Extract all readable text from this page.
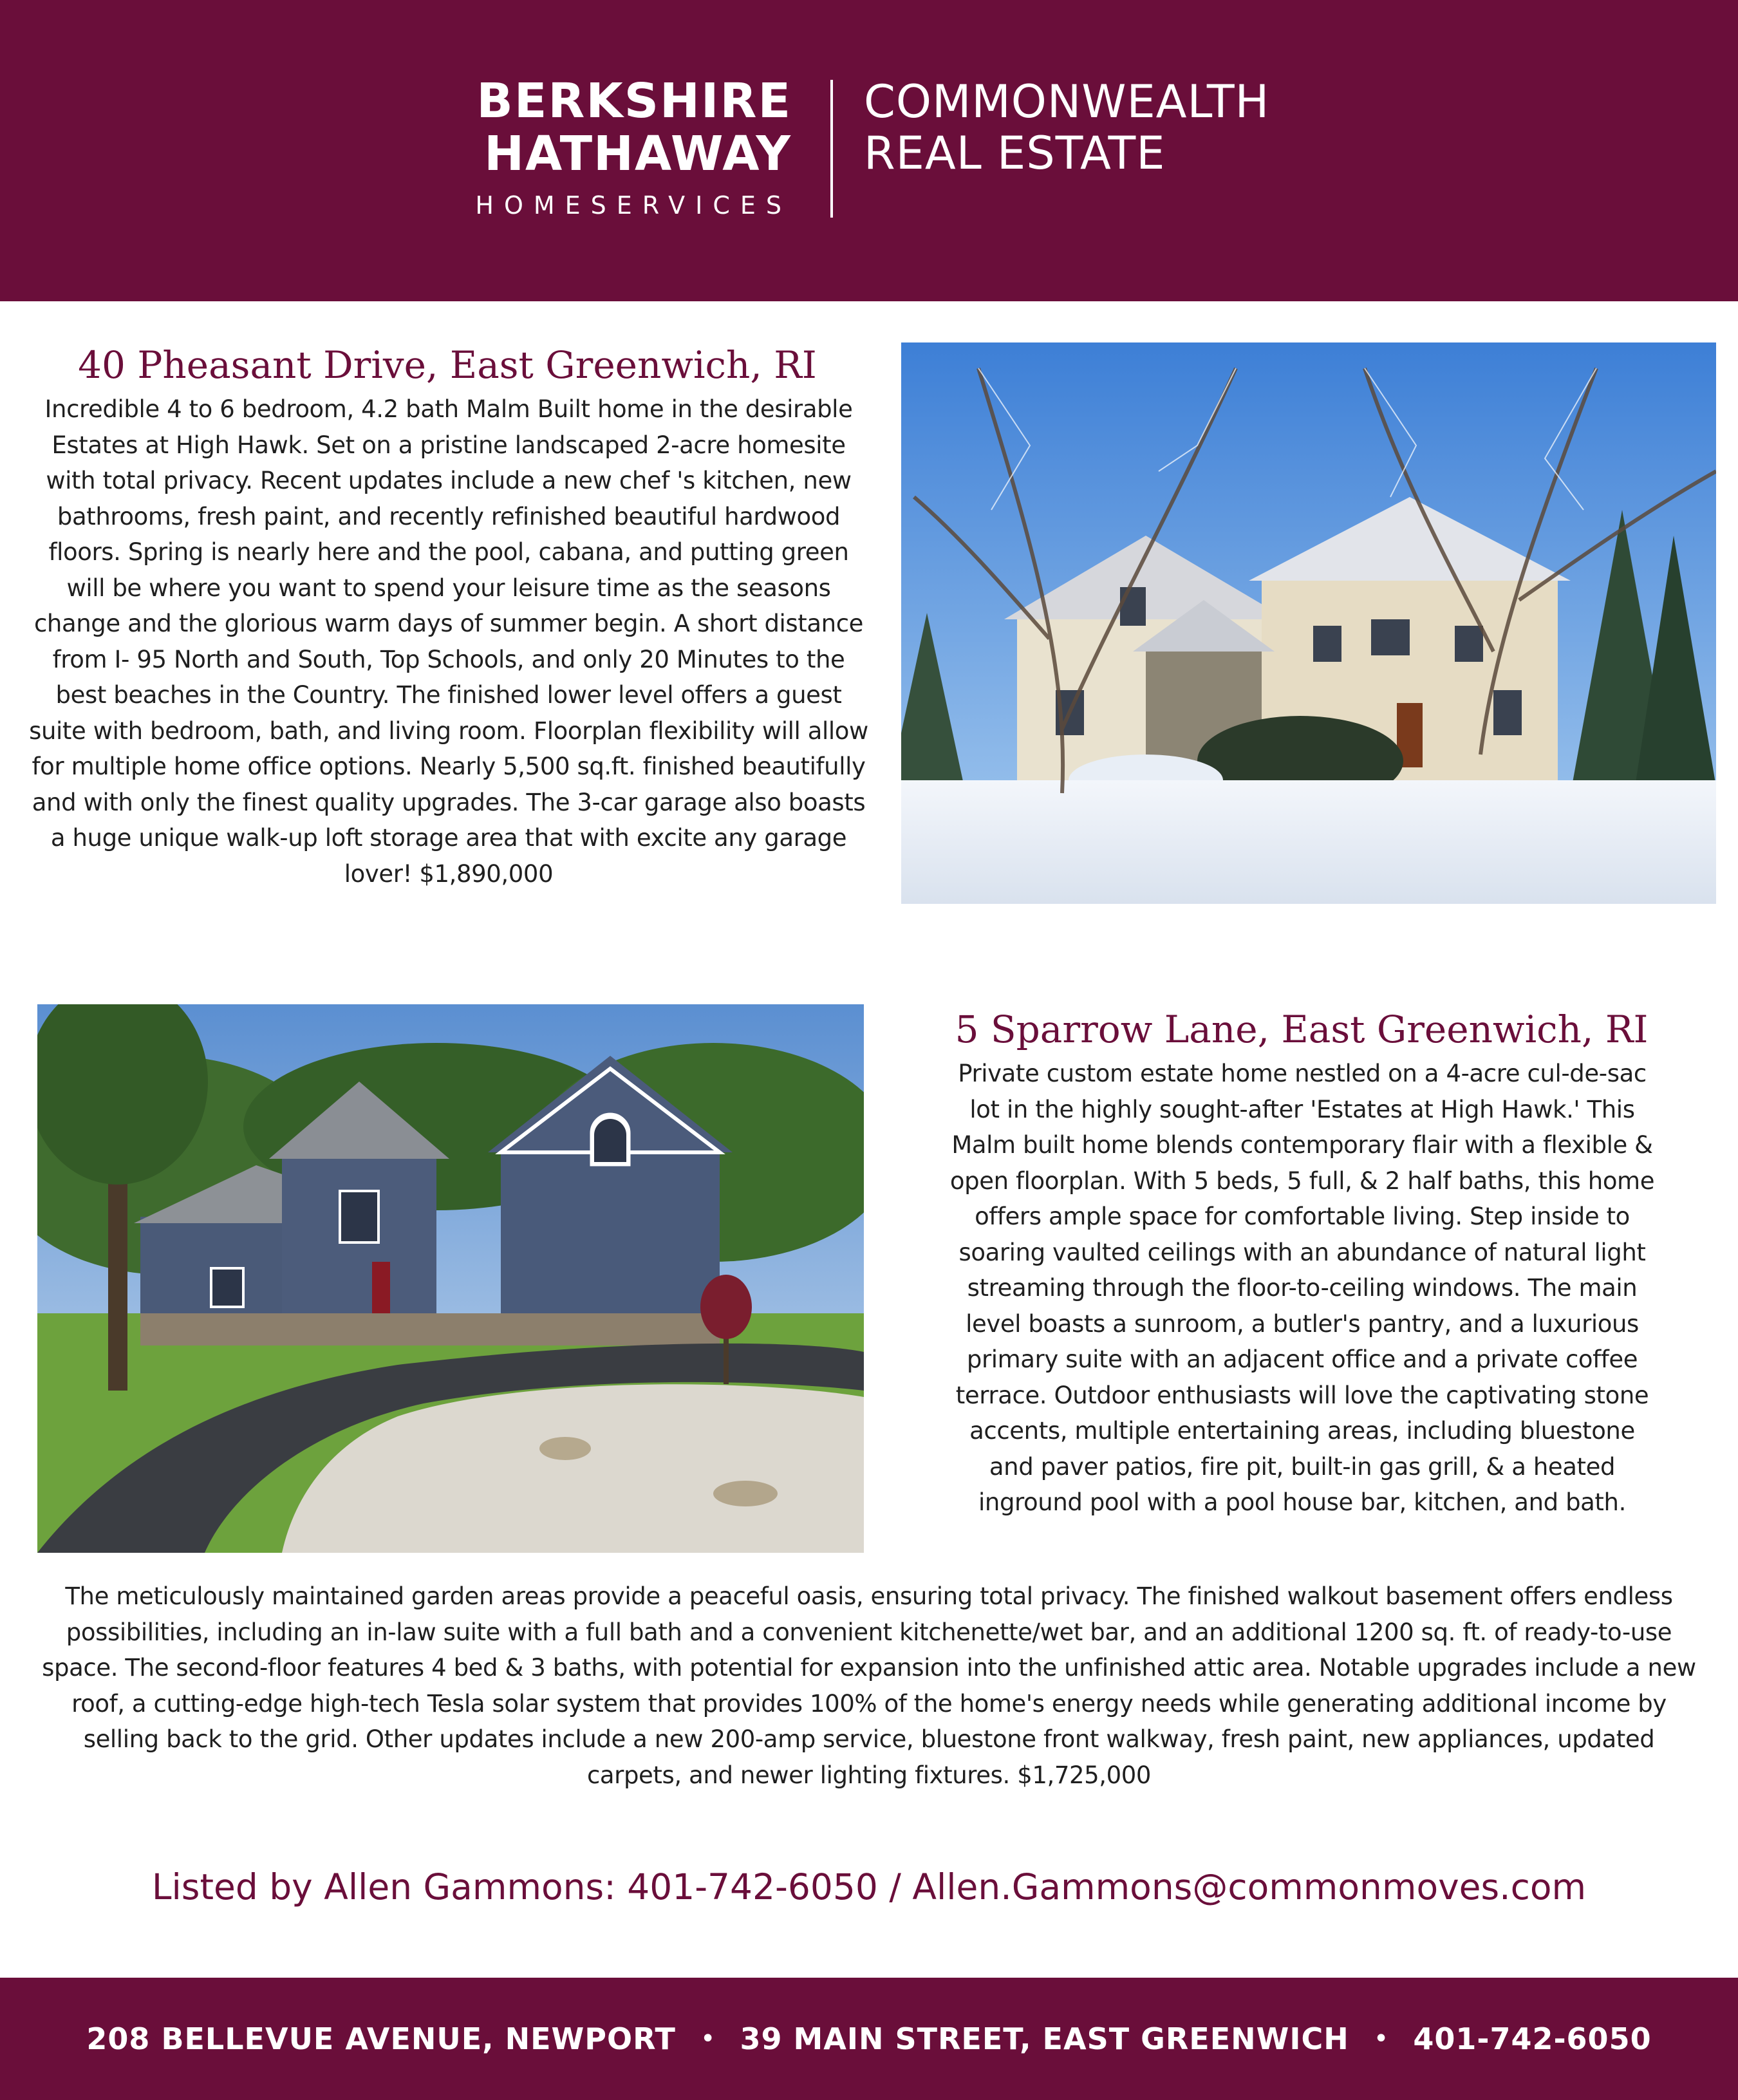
BERKSHIRE
HATHAWAY
HOMESERVICES
COMMONWEALTH
REAL ESTATE
40 Pheasant Drive, East Greenwich, RI
Incredible 4 to 6 bedroom, 4.2 bath Malm Built home in the desirable Estates at High Hawk. Set on a pristine landscaped 2-acre homesite with total privacy. Recent updates include a new chef 's kitchen, new bathrooms, fresh paint, and recently refinished beautiful hardwood floors. Spring is nearly here and the pool, cabana, and putting green will be where you want to spend your leisure time as the seasons change and the glorious warm days of summer begin. A short distance from I- 95 North and South, Top Schools, and only 20 Minutes to the best beaches in the Country. The finished lower level offers a guest suite with bedroom, bath, and living room. Floorplan flexibility will allow for multiple home office options. Nearly 5,500 sq.ft. finished beautifully and with only the finest quality upgrades. The 3-car garage also boasts a huge unique walk-up loft storage area that with excite any garage lover! $1,890,000
5 Sparrow Lane, East Greenwich, RI
Private custom estate home nestled on a 4-acre cul-de-sac lot in the highly sought-after 'Estates at High Hawk.' This Malm built home blends contemporary flair with a flexible & open floorplan. With 5 beds, 5 full, & 2 half baths, this home offers ample space for comfortable living. Step inside to soaring vaulted ceilings with an abundance of natural light streaming through the floor-to-ceiling windows. The main level boasts a sunroom, a butler's pantry, and a luxurious primary suite with an adjacent office and a private coffee terrace. Outdoor enthusiasts will love the captivating stone accents, multiple entertaining areas, including bluestone and paver patios, fire pit, built-in gas grill, & a heated inground pool with a pool house bar, kitchen, and bath.
The meticulously maintained garden areas provide a peaceful oasis, ensuring total privacy. The finished walkout basement offers endless possibilities, including an in-law suite with a full bath and a convenient kitchenette/wet bar, and an additional 1200 sq. ft. of ready-to-use space. The second-floor features 4 bed & 3 baths, with potential for expansion into the unfinished attic area. Notable upgrades include a new roof, a cutting-edge high-tech Tesla solar system that provides 100% of the home's energy needs while generating additional income by selling back to the grid. Other updates include a new 200-amp service, bluestone front walkway, fresh paint, new appliances, updated carpets, and newer lighting fixtures. $1,725,000
Listed by Allen Gammons: 401-742-6050 / Allen.Gammons@commonmoves.com
208 BELLEVUE AVENUE, NEWPORT • 39 MAIN STREET, EAST GREENWICH • 401-742-6050
